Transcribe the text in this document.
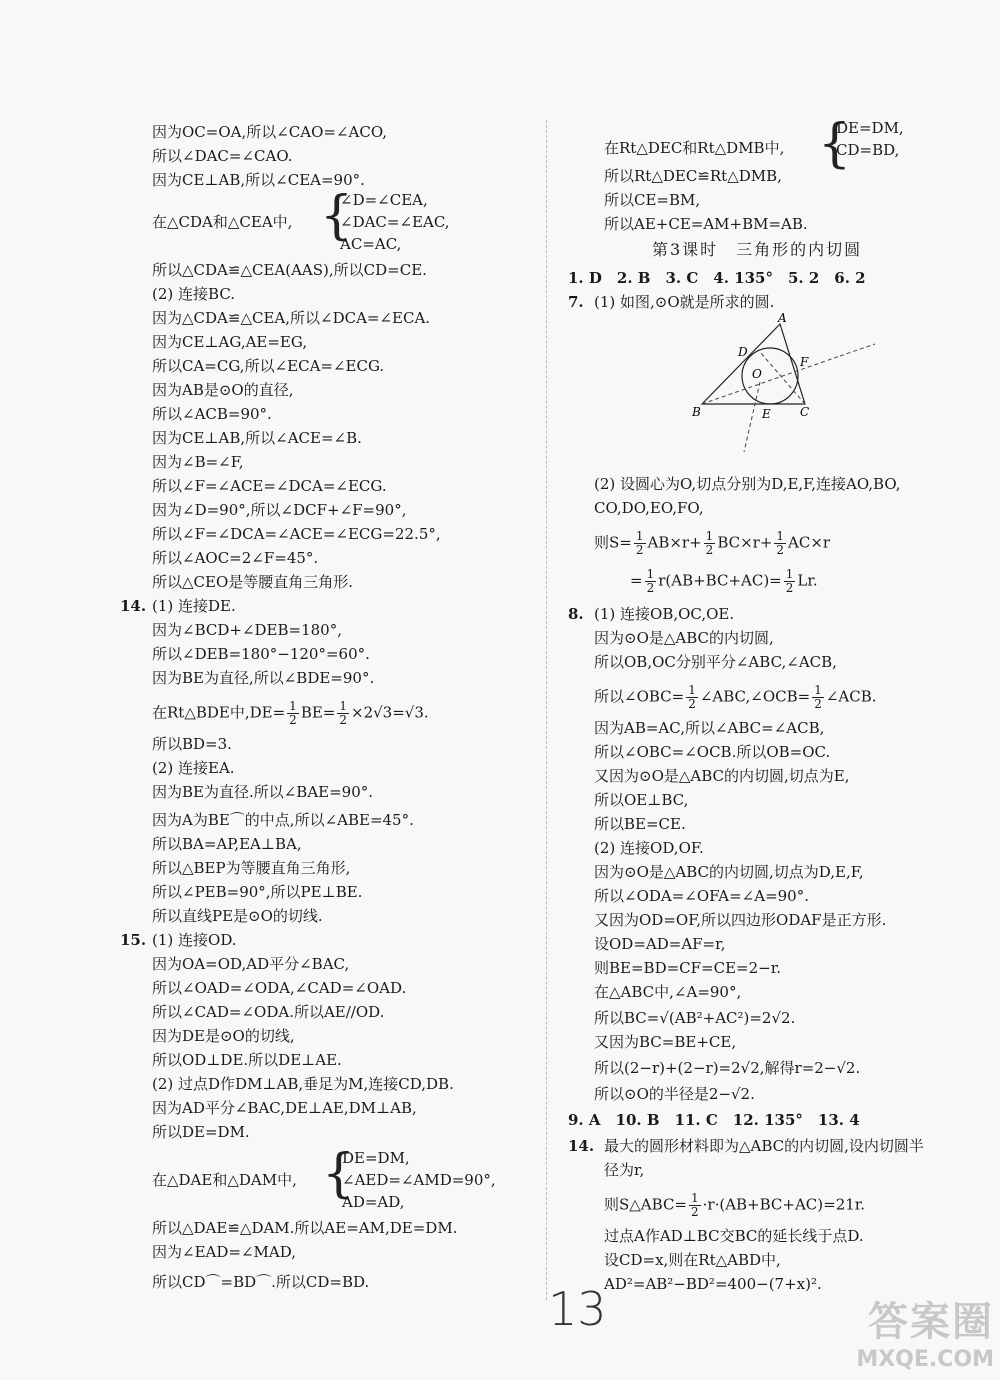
因为OC=OA,所以∠CAO=∠ACO,
所以∠DAC=∠CAO.
因为CE⊥AB,所以∠CEA=90°.
在△CDA和△CEA中, {
∠D=∠CEA,
∠DAC=∠EAC,
AC=AC,
所以△CDA≌△CEA(AAS),所以CD=CE.
(2) 连接BC.
因为△CDA≌△CEA,所以∠DCA=∠ECA.
因为CE⊥AG,AE=EG,
所以CA=CG,所以∠ECA=∠ECG.
因为AB是⊙O的直径,
所以∠ACB=90°.
因为CE⊥AB,所以∠ACE=∠B.
因为∠B=∠F,
所以∠F=∠ACE=∠DCA=∠ECG.
因为∠D=90°,所以∠DCF+∠F=90°,
所以∠F=∠DCA=∠ACE=∠ECG=22.5°,
所以∠AOC=2∠F=45°.
所以△CEO是等腰直角三角形.
14. (1) 连接DE.
因为∠BCD+∠DEB=180°,
所以∠DEB=180°−120°=60°.
因为BE为直径,所以∠BDE=90°.
在Rt△BDE中$,DE= \frac{1}{2} BE= \frac{1}{2} \times 2√3=√3$.
所以BD=3.
(2) 连接EA.
因为BE为直径.所以∠BAE=90°.
因为A为BE⌒的中点,所以∠ABE=45°.
所以BA=AP,EA⊥BA,
所以△BEP为等腰直角三角形,
所以∠PEB=90°,所以PE⊥BE.
所以直线PE是⊙O的切线.
15. (1) 连接OD.
因为OA=OD,AD平分∠BAC,
所以∠OAD=∠ODA,∠CAD=∠OAD.
所以∠CAD=∠ODA.所以AE//OD.
因为DE是⊙O的切线,
所以OD⊥DE.所以DE⊥AE.
(2) 过点D作DM⊥AB,垂足为M,连接CD,DB.
因为AD平分∠BAC,DE⊥AE,DM⊥AB,
所以DE=DM.
在△DAE和△DAM中, {
DE=DM,
∠AED=∠AMD=90°,
AD=AD,
所以△DAE≌△DAM.所以AE=AM,DE=DM.
因为∠EAD=∠MAD,
所以CD⌒=BD⌒.所以CD=BD.
在Rt△DEC和Rt△DMB中, {
DE=DM,
CD=BD,
所以Rt△DEC≌Rt△DMB,
所以CE=BM,
所以AE+CE=AM+BM=AB.
第3课时　三角形的内切圆
1. D　2. B　3. C　4. 135°　5. 2　6. 2
7. (1) 如图,⊙O就是所求的圆.
A
B	C
D
E
F
O
(2) 设圆心为O,切点分别为D,E,F,连接AO,BO,
CO,DO,EO,FO,
则$S= \frac{1}{2} AB\times r+ \frac{1}{2} BC\times r+ \frac{1}{2} AC\times r$
= $\frac{1}{2} r(AB+BC+AC)= \frac{1}{2} Lr$.
8. (1) 连接OB,OC,OE.
因为⊙O是△ABC的内切圆,
所以OB,OC分别平分∠ABC,∠ACB,
所以∠OBC= $\frac{1}{2}$ ∠ABC,∠OCB= $\frac{1}{2}$ ∠ACB.
因为AB=AC,所以∠ABC=∠ACB,
所以∠OBC=∠OCB.所以OB=OC.
又因为⊙O是△ABC的内切圆,切点为E,
所以OE⊥BC,
所以BE=CE.
(2) 连接OD,OF.
因为⊙O是△ABC的内切圆,切点为D,E,F,
所以∠ODA=∠OFA=∠A=90°.
又因为OD=OF,所以四边形ODAF是正方形.
设OD=AD=AF=r,
则BE=BD=CF=CE=2−r.
在△ABC中,∠A=90°,
所以BC=√(AB²+AC²)=2√2.
又因为BC=BE+CE,
所以(2−r)+(2−r)=2√2,解得r=2−√2.
所以⊙O的半径是2−√2.
9. A　10. B　11. C　12. 135°　13. 4
14. 最大的圆形材料即为△ABC的内切圆,设内切圆半
径为r,
则S△ABC= $\frac{1}{2} \cdot r\cdot(AB+BC+AC)=21r$.
过点A作AD⊥BC交BC的延长线于点D.
设CD=x,则在Rt△ABD中,
AD²=AB²−BD²=400−(7+x)².
13	答案圈
MXQE.COM
